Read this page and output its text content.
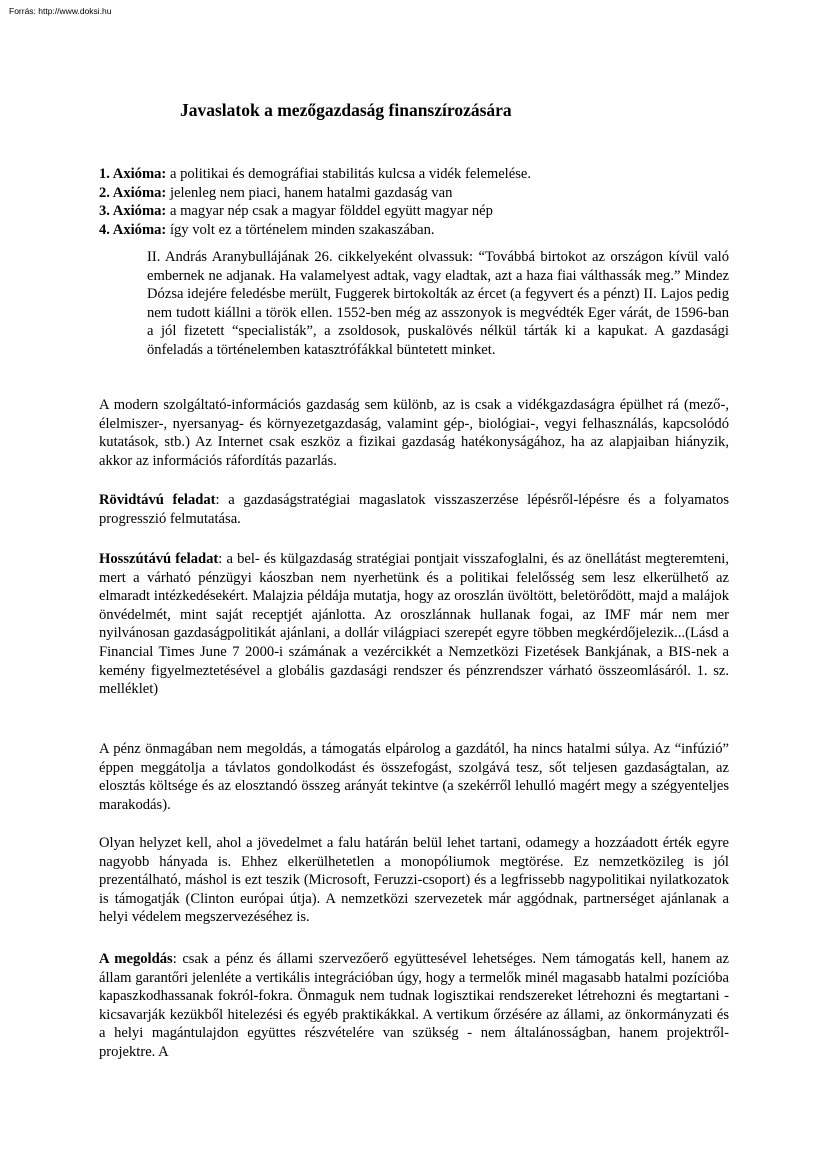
Forrás: http://www.doksi.hu
Javaslatok a mezőgazdaság finanszírozására
1. Axióma: a politikai és demográfiai stabilitás kulcsa a vidék felemelése.
2. Axióma: jelenleg nem piaci, hanem hatalmi gazdaság van
3. Axióma: a magyar nép csak a magyar földdel együtt magyar nép
4. Axióma: így volt ez a történelem minden szakaszában.
II. András Aranybullájának 26. cikkelyeként olvassuk: “Továbbá birtokot az országon kívül való embernek ne adjanak. Ha valamelyest adtak, vagy eladtak, azt a haza fiai válthassák meg.” Mindez Dózsa idejére feledésbe merült, Fuggerek birtokolták az ércet (a fegyvert és a pénzt) II. Lajos pedig nem tudott kiállni a török ellen. 1552-ben még az asszonyok is megvédték Eger várát, de 1596-ban a jól fizetett “specialisták”, a zsoldosok, puskalövés nélkül tárták ki a kapukat. A gazdasági önfeladás a történelemben katasztrófákkal büntetett minket.
A modern szolgáltató-információs gazdaság sem különb, az is csak a vidékgazdaságra épülhet rá (mező-, élelmiszer-, nyersanyag- és környezetgazdaság, valamint gép-, biológiai-, vegyi felhasználás, kapcsolódó kutatások, stb.) Az Internet csak eszköz a fizikai gazdaság hatékonyságához, ha az alapjaiban hiányzik, akkor az információs ráfordítás pazarlás.
Rövidtávú feladat: a gazdaságstratégiai magaslatok visszaszerzése lépésről-lépésre és a folyamatos progresszió felmutatása.
Hosszútávú feladat: a bel- és külgazdaság stratégiai pontjait visszafoglalni, és az önellátást megteremteni, mert a várható pénzügyi káoszban nem nyerhetünk és a politikai felelősség sem lesz elkerülhető az elmaradt intézkedésekért. Malajzia példája mutatja, hogy az oroszlán üvöltött, beletörődött, majd a malájok önvédelmét, mint saját receptjét ajánlotta. Az oroszlánnak hullanak fogai, az IMF már nem mer nyilvánosan gazdaságpolitikát ajánlani, a dollár világpiaci szerepét egyre többen megkérdőjelezik...(Lásd a Financial Times June 7 2000-i számának a vezércikkét a Nemzetközi Fizetések Bankjának, a BIS-nek a kemény figyelmeztetésével a globális gazdasági rendszer és pénzrendszer várható összeomlásáról. 1. sz. melléklet)
A pénz önmagában nem megoldás, a támogatás elpárolog a gazdától, ha nincs hatalmi súlya. Az “infúzió” éppen meggátolja a távlatos gondolkodást és összefogást, szolgává tesz, sőt teljesen gazdaságtalan, az elosztás költsége és az elosztandó összeg arányát tekintve (a szekérről lehulló magért megy a szégyenteljes marakodás).
Olyan helyzet kell, ahol a jövedelmet a falu határán belül lehet tartani, odamegy a hozzáadott érték egyre nagyobb hányada is. Ehhez elkerülhetetlen a monopóliumok megtörése. Ez nemzetközileg is jól prezentálható, máshol is ezt teszik (Microsoft, Feruzzi-csoport) és a legfrissebb nagypolitikai nyilatkozatok is támogatják (Clinton európai útja). A nemzetközi szervezetek már aggódnak, partnerséget ajánlanak a helyi védelem megszervezéséhez is.
A megoldás: csak a pénz és állami szervezőerő együttesével lehetséges. Nem támogatás kell, hanem az állam garantőri jelenléte a vertikális integrációban úgy, hogy a termelők minél magasabb hatalmi pozícióba kapaszkodhassanak fokról-fokra. Önmaguk nem tudnak logisztikai rendszereket létrehozni és megtartani - kicsavarják kezükből hitelezési és egyéb praktikákkal. A vertikum őrzésére az állami, az önkormányzati és a helyi magántulajdon együttes részvételére van szükség - nem általánosságban, hanem projektről-projektre. A
